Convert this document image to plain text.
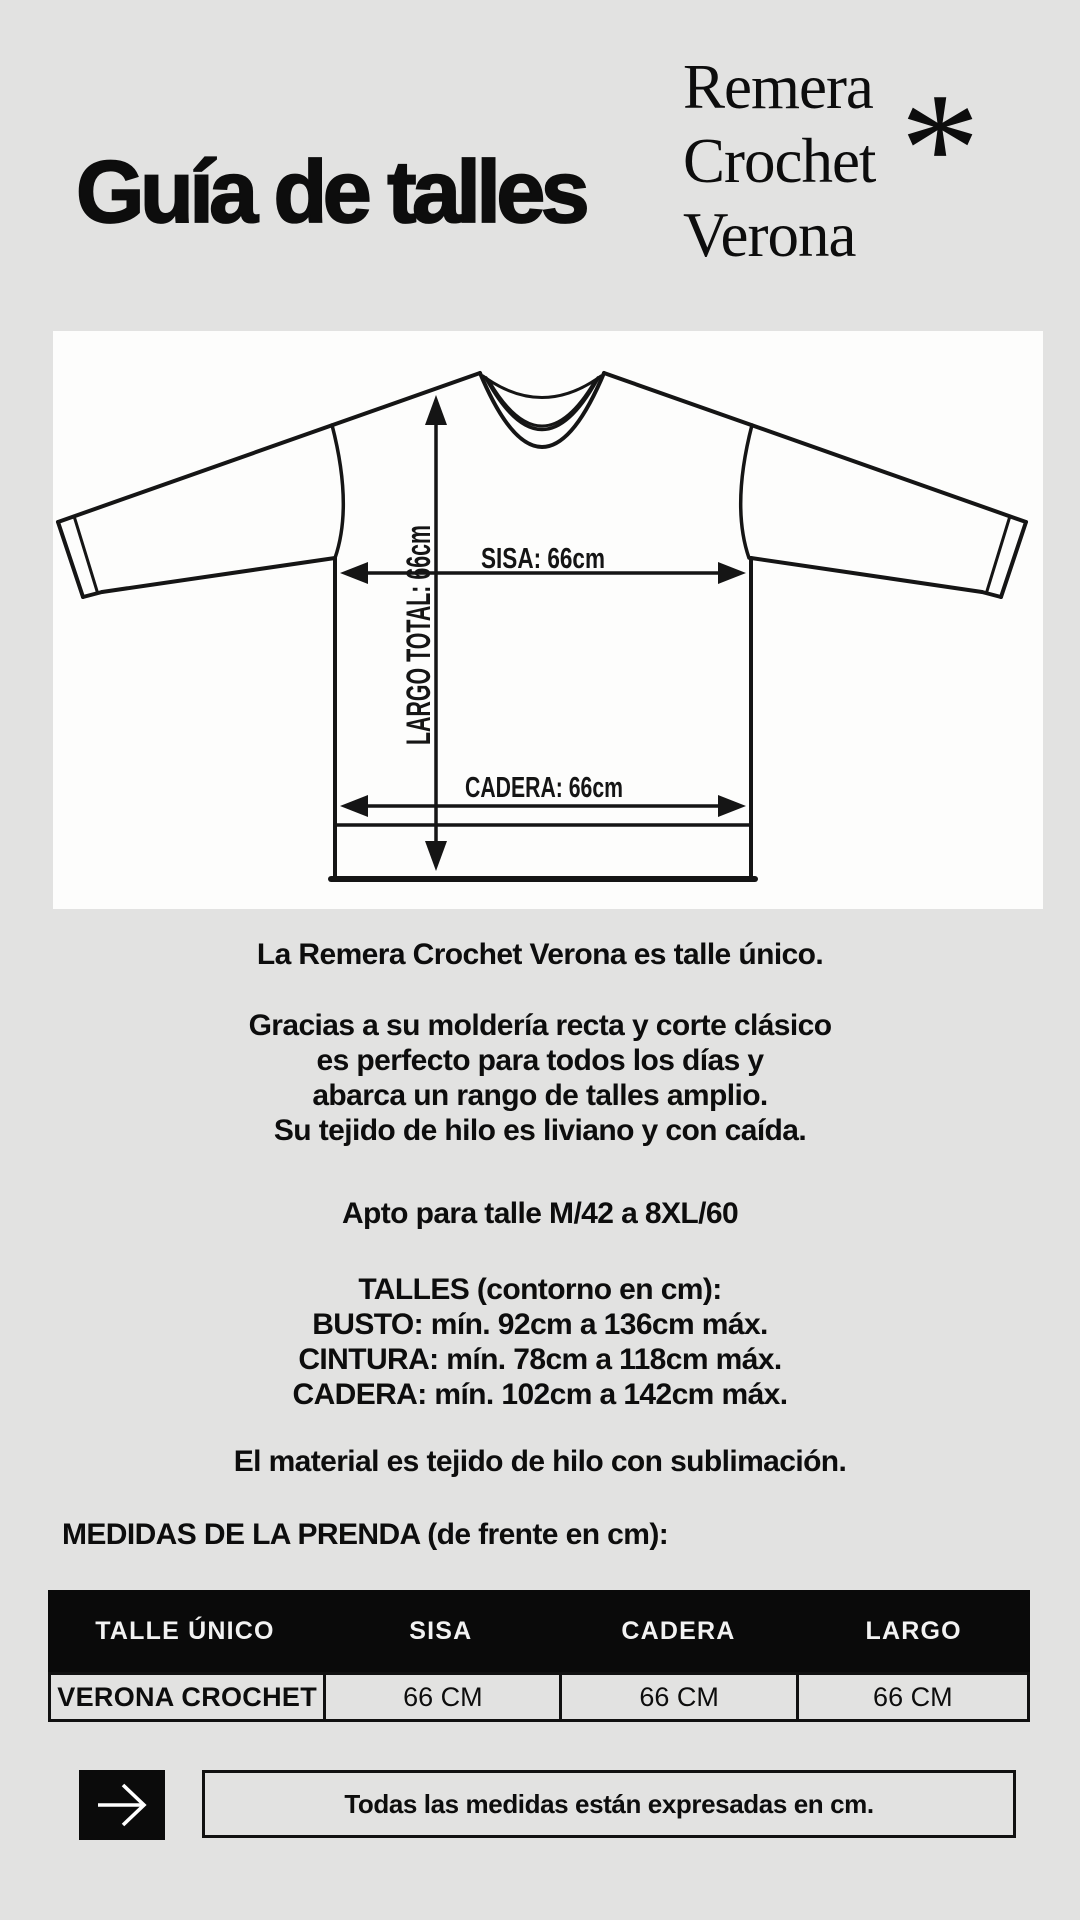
Guía de talles
Remera
Crochet
Verona *
SISA: 66cm
CADERA: 66cm
LARGO TOTAL: 66cm
La Remera Crochet Verona es talle único.
Gracias a su moldería recta y corte clásico
es perfecto para todos los días y
abarca un rango de talles amplio.
Su tejido de hilo es liviano y con caída.
Apto para talle M/42 a 8XL/60
TALLES (contorno en cm):
BUSTO: mín. 92cm a 136cm máx.
CINTURA: mín. 78cm a 118cm máx.
CADERA: mín. 102cm a 142cm máx.
El material es tejido de hilo con sublimación.
MEDIDAS DE LA PRENDA (de frente en cm):
TALLE ÚNICO	SISA	CADERA	LARGO
VERONA CROCHET	66 CM	66 CM	66 CM
Todas las medidas están expresadas en cm.
